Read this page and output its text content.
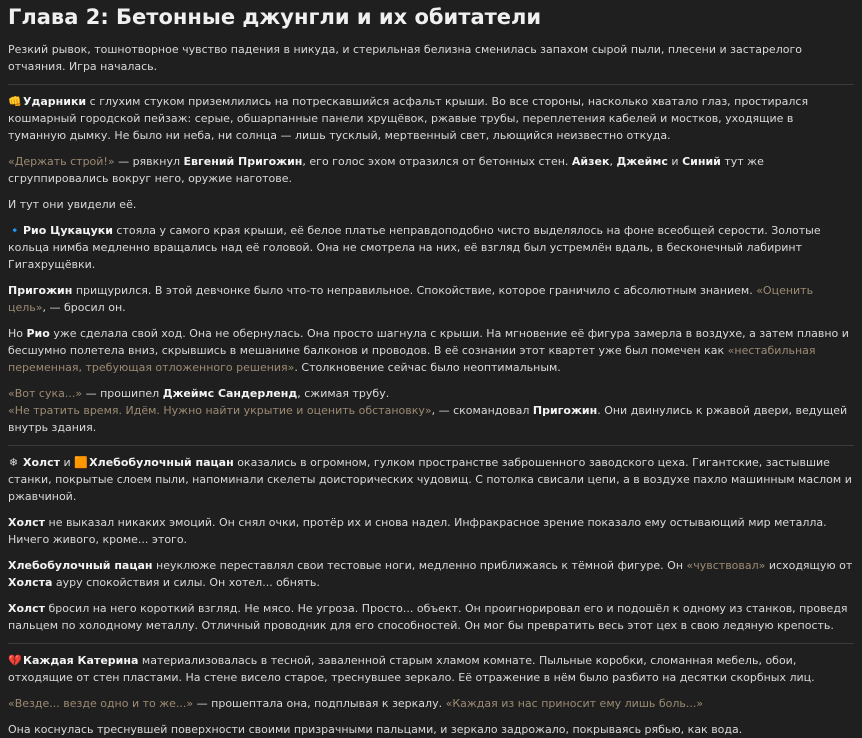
Глава 2: Бетонные джунгли и их обитатели

Резкий рывок, тошнотворное чувство падения в никуда, и стерильная белизна сменилась запахом сырой пыли, плесени и застарелого отчаяния. Игра началась.

👊Ударники с глухим стуком приземлились на потрескавшийся асфальт крыши. Во все стороны, насколько хватало глаз, простирался кошмарный городской пейзаж: серые, обшарпанные панели хрущёвок, ржавые трубы, переплетения кабелей и мостков, уходящие в туманную дымку. Не было ни неба, ни солнца — лишь тусклый, мертвенный свет, льющийся неизвестно откуда.

«Держать строй!» — рявкнул Евгений Пригожин, его голос эхом отразился от бетонных стен. Айзек, Джеймс и Синий тут же сгруппировались вокруг него, оружие наготове.

И тут они увидели её.

🔹Рио Цукацуки стояла у самого края крыши, её белое платье неправдоподобно чисто выделялось на фоне всеобщей серости. Золотые кольца нимба медленно вращались над её головой. Она не смотрела на них, её взгляд был устремлён вдаль, в бесконечный лабиринт Гигахрущёвки.

Пригожин прищурился. В этой девчонке было что-то неправильное. Спокойствие, которое граничило с абсолютным знанием. «Оценить цель», — бросил он.

Но Рио уже сделала свой ход. Она не обернулась. Она просто шагнула с крыши. На мгновение её фигура замерла в воздухе, а затем плавно и бесшумно полетела вниз, скрывшись в мешанине балконов и проводов. В её сознании этот квартет уже был помечен как «нестабильная переменная, требующая отложенного решения». Столкновение сейчас было неоптимальным.

«Вот сука...» — прошипел Джеймс Сандерленд, сжимая трубу.
«Не тратить время. Идём. Нужно найти укрытие и оценить обстановку», — скомандовал Пригожин. Они двинулись к ржавой двери, ведущей внутрь здания.

❄ Холст и 🟧Хлебобулочный пацан оказались в огромном, гулком пространстве заброшенного заводского цеха. Гигантские, застывшие станки, покрытые слоем пыли, напоминали скелеты доисторических чудовищ. С потолка свисали цепи, а в воздухе пахло машинным маслом и ржавчиной.

Холст не выказал никаких эмоций. Он снял очки, протёр их и снова надел. Инфракрасное зрение показало ему остывающий мир металла. Ничего живого, кроме... этого.

Хлебобулочный пацан неуклюже переставлял свои тестовые ноги, медленно приближаясь к тёмной фигуре. Он «чувствовал» исходящую от Холста ауру спокойствия и силы. Он хотел... обнять.

Холст бросил на него короткий взгляд. Не мясо. Не угроза. Просто... объект. Он проигнорировал его и подошёл к одному из станков, проведя пальцем по холодному металлу. Отличный проводник для его способностей. Он мог бы превратить весь этот цех в свою ледяную крепость.

💔Каждая Катерина материализовалась в тесной, заваленной старым хламом комнате. Пыльные коробки, сломанная мебель, обои, отходящие от стен пластами. На стене висело старое, треснувшее зеркало. Её отражение в нём было разбито на десятки скорбных лиц.

«Везде... везде одно и то же...» — прошептала она, подплывая к зеркалу. «Каждая из нас приносит ему лишь боль...»

Она коснулась треснувшей поверхности своими призрачными пальцами, и зеркало задрожало, покрываясь рябью, как вода.
